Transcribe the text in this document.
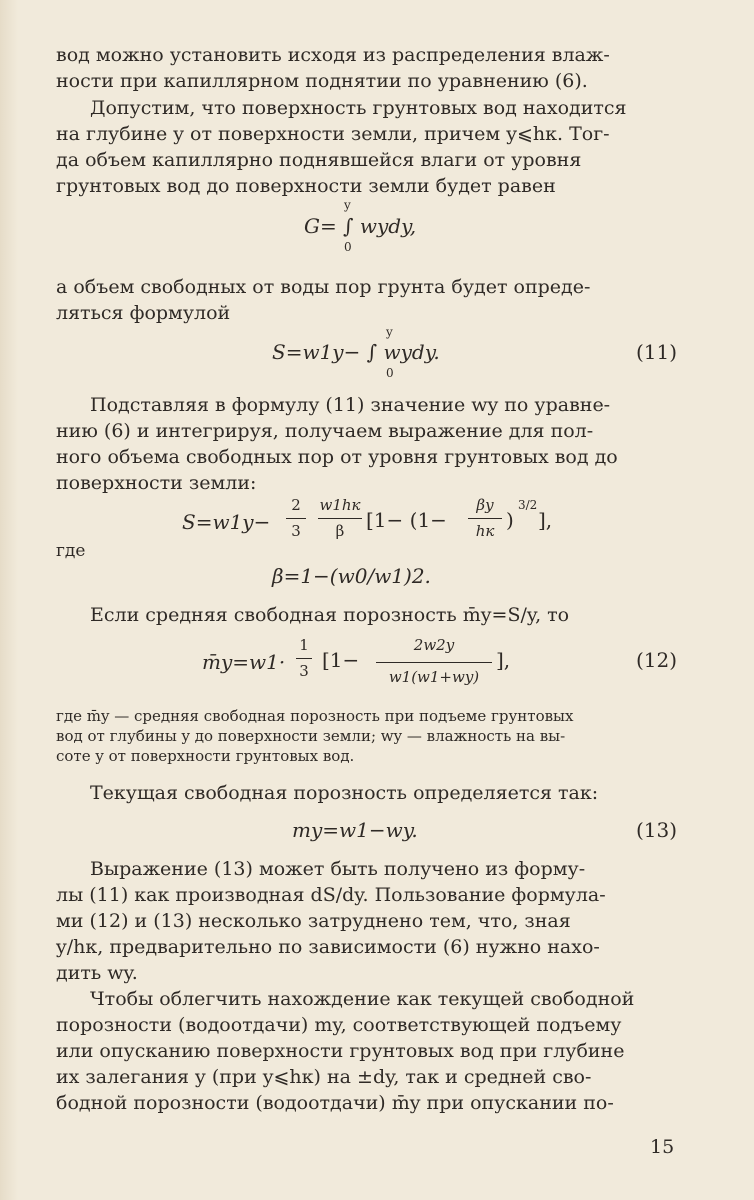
вод можно установить исходя из распределения влаж-
ности при капиллярном поднятии по уравнению (6).
Допустим, что поверхность грунтовых вод находится
на глубине y от поверхности земли, причем y⩽hк. Тог-
да объем капиллярно поднявшейся влаги от уровня
грунтовых вод до поверхности земли будет равен
G= ∫ wydy,
y
0
а объем свободных от воды пор грунта будет опреде-
ляться формулой
S=w1y− ∫ wydy.
y
0
(11)
Подставляя в формулу (11) значение wy по уравне-
нию (6) и интегрируя, получаем выражение для пол-
ного объема свободных пор от уровня грунтовых вод до
поверхности земли:
S=w1y−
2
3
w1hк
β	[1− (1−
βy
hк )
3/2
],
где
β=1−(w0/w1)2.
Если средняя свободная порозность m̄y=S/y, то
m̄y=w1·
1
3 [1−
2w2y
w1(w1+wy)
],	(12)
где m̄y — средняя свободная порозность при подъеме грунтовых
вод от глубины y до поверхности земли; wy — влажность на вы-
соте y от поверхности грунтовых вод.
Текущая свободная порозность определяется так:
my=w1−wy.	(13)
Выражение (13) может быть получено из форму-
лы (11) как производная dS/dy. Пользование формула-
ми (12) и (13) несколько затруднено тем, что, зная
y/hк, предварительно по зависимости (6) нужно нахо-
дить wy.
Чтобы облегчить нахождение как текущей свободной
порозности (водоотдачи) my, соответствующей подъему
или опусканию поверхности грунтовых вод при глубине
их залегания y (при y⩽hк) на ±dy, так и средней сво-
бодной порозности (водоотдачи) m̄y при опускании по-
15
